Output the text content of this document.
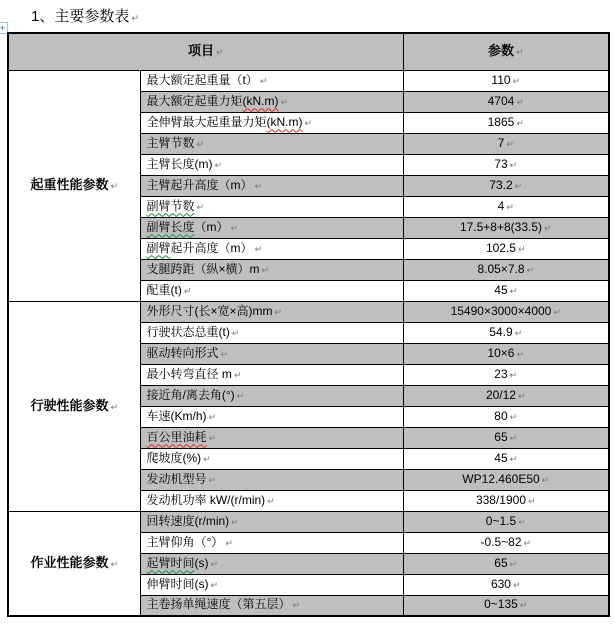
1、主要参数表 ↵
+
项目 ↵		参数 ↵
起重性能参数 ↵	最大额定起重量（t） ↵	110 ↵
	最大额定起重力矩(kN.m) ↵	4704 ↵
	全伸臂最大起重量力矩(kN.m) ↵	1865 ↵
	主臂节数 ↵	7 ↵
	主臂长度(m) ↵	73 ↵
	主臂起升高度（m） ↵	73.2 ↵
	副臂节数 ↵	4 ↵
	副臂长度（m） ↵	17.5+8+8(33.5) ↵
	副臂起升高度（m） ↵	102.5 ↵
	支腿跨距（纵×横）m ↵	8.05×7.8 ↵
	配重(t) ↵	45 ↵
行驶性能参数 ↵	外形尺寸(长×宽×高)mm ↵	15490×3000×4000 ↵
	行驶状态总重(t) ↵	54.9 ↵
	驱动转向形式 ↵	10×6 ↵
	最小转弯直径 m ↵	23 ↵
	接近角/离去角(°) ↵	20/12 ↵
	车速(Km/h) ↵	80 ↵
	百公里油耗 ↵	65 ↵
	爬坡度(%) ↵	45 ↵
	发动机型号 ↵	WP12.460E50 ↵
	发动机功率 kW/(r/min) ↵	338/1900 ↵
作业性能参数 ↵	回转速度(r/min) ↵	0~1.5 ↵
	主臂仰角（°） ↵	-0.5~82 ↵
	起臂时间(s) ↵	65 ↵
	伸臂时间(s) ↵	630 ↵
	主卷扬单绳速度（第五层） ↵	0~135 ↵
